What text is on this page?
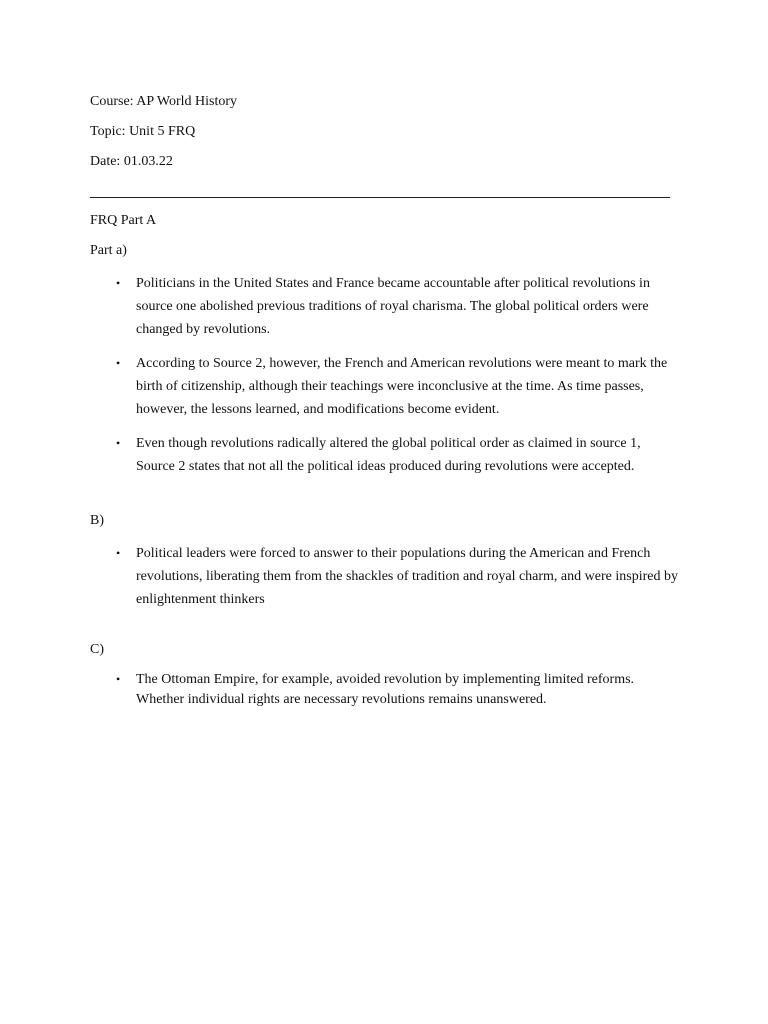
Course: AP World History
Topic: Unit 5 FRQ
Date: 01.03.22
FRQ Part A
Part a)
• Politicians in the United States and France became accountable after political revolutions in source one abolished previous traditions of royal charisma. The global political orders were changed by revolutions.
• According to Source 2, however, the French and American revolutions were meant to mark the birth of citizenship, although their teachings were inconclusive at the time. As time passes, however, the lessons learned, and modifications become evident.
• Even though revolutions radically altered the global political order as claimed in source 1, Source 2 states that not all the political ideas produced during revolutions were accepted.
B)
• Political leaders were forced to answer to their populations during the American and French revolutions, liberating them from the shackles of tradition and royal charm, and were inspired by enlightenment thinkers
C)
• The Ottoman Empire, for example, avoided revolution by implementing limited reforms. Whether individual rights are necessary revolutions remains unanswered.
